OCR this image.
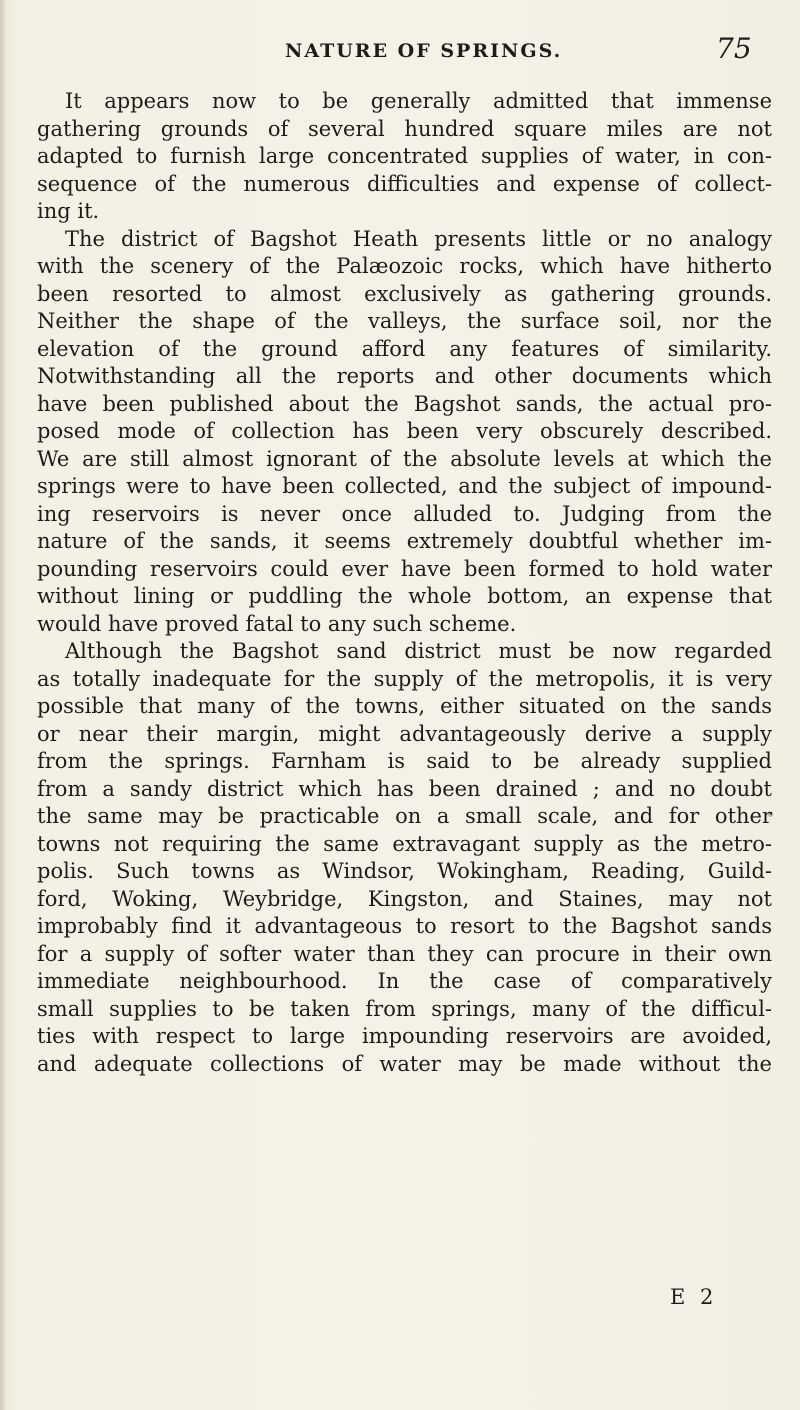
NATURE OF SPRINGS.	75
It appears now to be generally admitted that immense
gathering grounds of several hundred square miles are not
adapted to furnish large concentrated supplies of water, in con-
sequence of the numerous difficulties and expense of collect-
ing it.
The district of Bagshot Heath presents little or no analogy
with the scenery of the Palæozoic rocks, which have hitherto
been resorted to almost exclusively as gathering grounds.
Neither the shape of the valleys, the surface soil, nor the
elevation of the ground afford any features of similarity.
Notwithstanding all the reports and other documents which
have been published about the Bagshot sands, the actual pro-
posed mode of collection has been very obscurely described.
We are still almost ignorant of the absolute levels at which the
springs were to have been collected, and the subject of impound-
ing reservoirs is never once alluded to. Judging from the
nature of the sands, it seems extremely doubtful whether im-
pounding reservoirs could ever have been formed to hold water
without lining or puddling the whole bottom, an expense that
would have proved fatal to any such scheme.
Although the Bagshot sand district must be now regarded
as totally inadequate for the supply of the metropolis, it is very
possible that many of the towns, either situated on the sands
or near their margin, might advantageously derive a supply
from the springs. Farnham is said to be already supplied
from a sandy district which has been drained ; and no doubt
the same may be practicable on a small scale, and for other
towns not requiring the same extravagant supply as the metro-
polis. Such towns as Windsor, Wokingham, Reading, Guild-
ford, Woking, Weybridge, Kingston, and Staines, may not
improbably find it advantageous to resort to the Bagshot sands
for a supply of softer water than they can procure in their own
immediate neighbourhood. In the case of comparatively
small supplies to be taken from springs, many of the difficul-
ties with respect to large impounding reservoirs are avoided,
and adequate collections of water may be made without the
E 2
